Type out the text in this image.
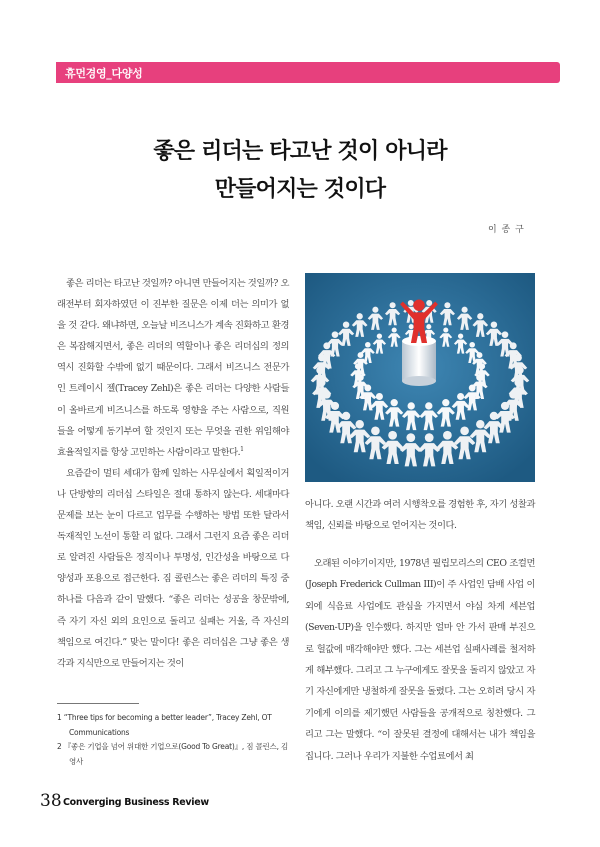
휴먼경영_다양성
좋은 리더는 타고난 것이 아니라
만들어지는 것이다
이 종 구

좋은 리더는 타고난 것일까? 아니면 만들어지는 것일까? 오래전부터 회자하였던 이 진부한 질문은 이제 더는 의미가 없을 것 같다. 왜냐하면, 오늘날 비즈니스가 계속 진화하고 환경은 복잡해지면서, 좋은 리더의 역할이나 좋은 리더십의 정의 역시 진화할 수밖에 없기 때문이다. 그래서 비즈니스 전문가인 트레이시 젤(Tracey Zehl)은 좋은 리더는 다양한 사람들이 올바르게 비즈니스를 하도록 영향을 주는 사람으로, 직원들을 어떻게 동기부여 할 것인지 또는 무엇을 권한 위임해야 효율적일지를 항상 고민하는 사람이라고 말한다.$^1$

요즘같이 멀티 세대가 함께 일하는 사무실에서 획일적이거나 단방향의 리더십 스타일은 절대 통하지 않는다. 세대마다 문제를 보는 눈이 다르고 업무를 수행하는 방법 또한 달라서 독재적인 노선이 통할 리 없다. 그래서 그런지 요즘 좋은 리더로 알려진 사람들은 정직이나 투명성, 인간성을 바탕으로 다양성과 포용으로 접근한다. 짐 콜린스는 좋은 리더의 특징 중 하나를 다음과 같이 말했다. “좋은 리더는 성공을 창문밖에, 즉 자기 자신 외의 요인으로 돌리고 실패는 거울, 즉 자신의 책임으로 여긴다.” 맞는 말이다! 좋은 리더십은 그냥 좋은 생각과 지식만으로 만들어지는 것이

아니다. 오랜 시간과 여러 시행착오를 경험한 후, 자기 성찰과 책임, 신뢰를 바탕으로 얻어지는 것이다.

오래된 이야기이지만, 1978년 필립모리스의 CEO 조컬먼(Joseph Frederick Cullman III)이 주 사업인 담배 사업 이외에 식음료 사업에도 관심을 가지면서 야심 차게 세븐업(Seven-UP)을 인수했다. 하지만 얼마 안 가서 판매 부진으로 헐값에 매각해야만 했다. 그는 세븐업 실패사례를 철저하게 해부했다. 그리고 그 누구에게도 잘못을 돌리지 않았고 자기 자신에게만 냉철하게 잘못을 돌렸다. 그는 오히려 당시 자기에게 이의를 제기했던 사람들을 공개적으로 칭찬했다. 그리고 그는 말했다. “이 잘못된 결정에 대해서는 내가 책임을 집니다. 그러나 우리가 지불한 수업료에서 최

1 “Three tips for becoming a better leader”, Tracey Zehl, OT Communications
2 『좋은 기업을 넘어 위대한 기업으로(Good To Great)』, 짐 콜린스, 김영사
38 Converging Business Review
